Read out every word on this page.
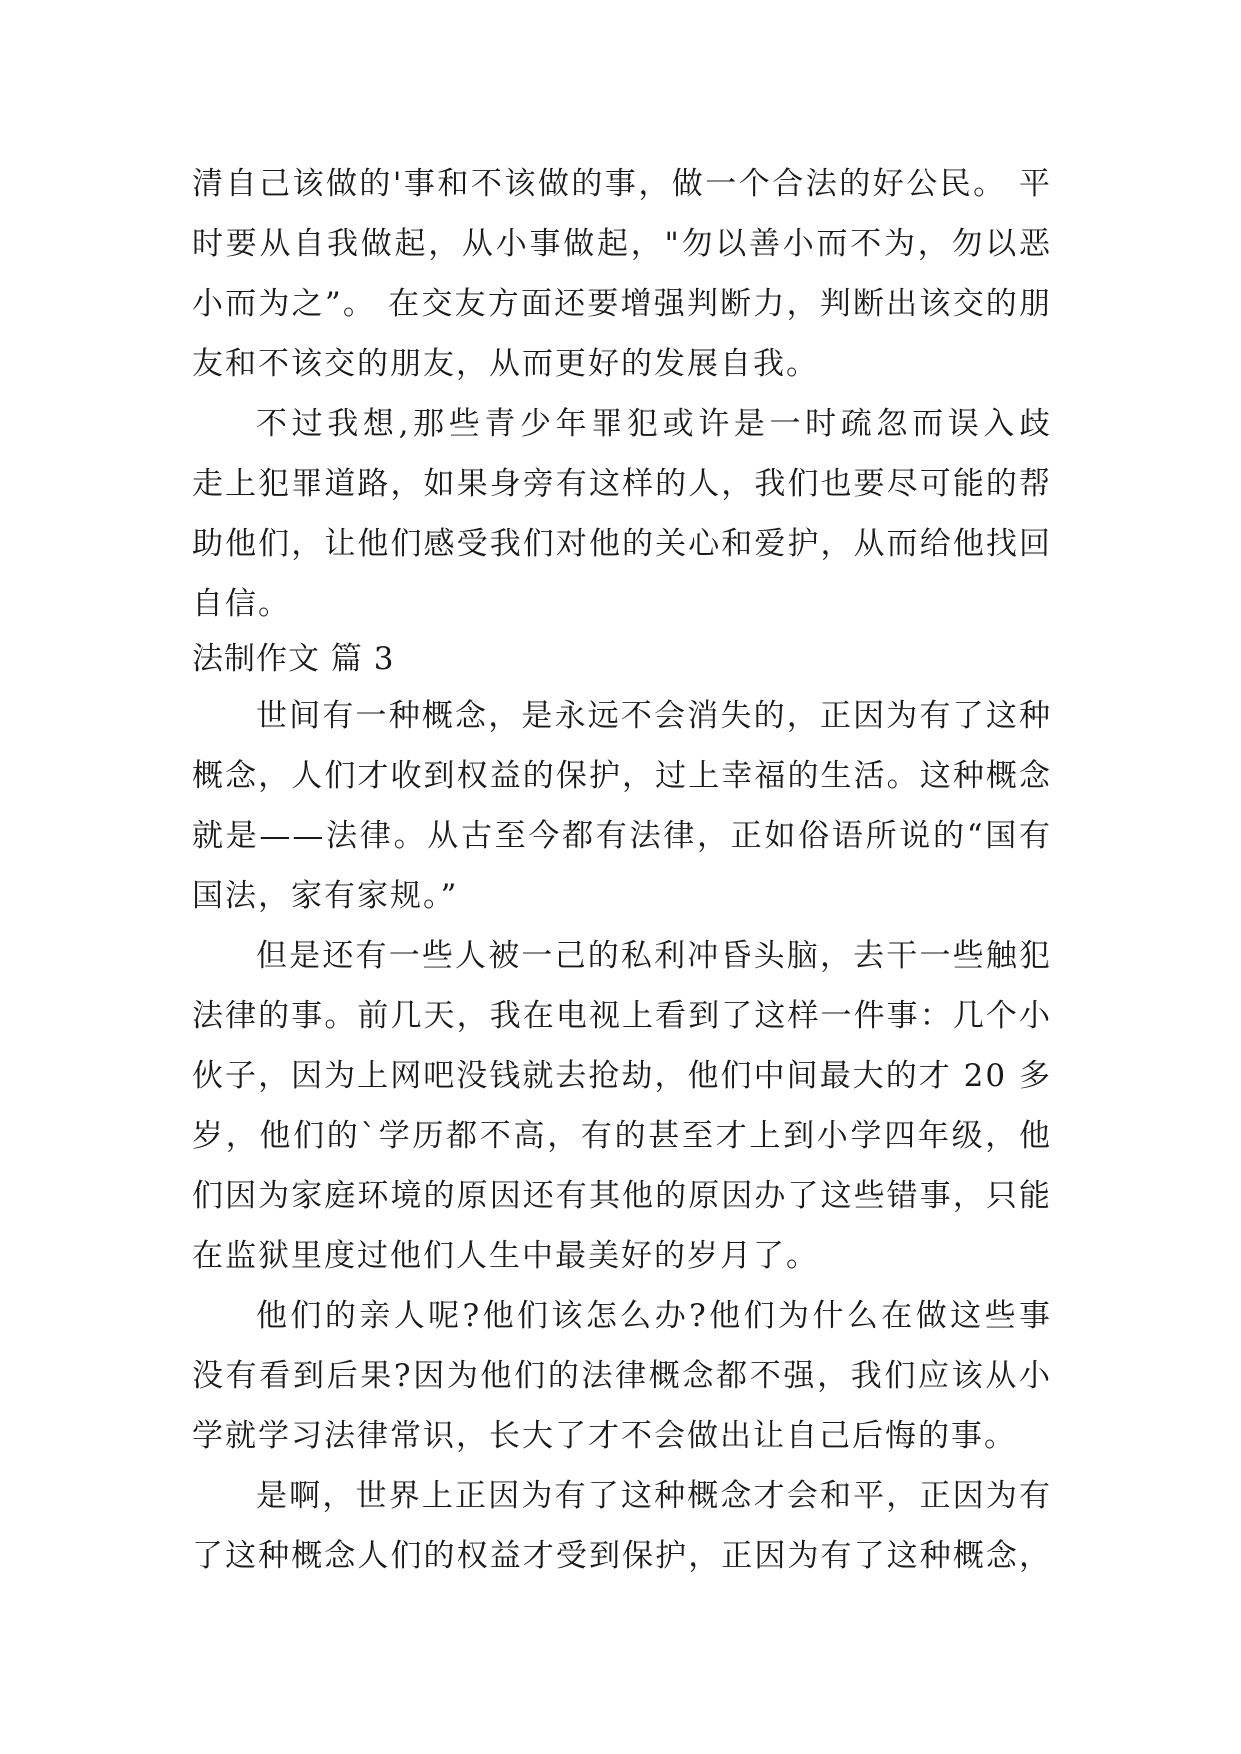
清自己该做的'事和不该做的事，做一个合法的好公民。 平
时要从自我做起，从小事做起，"勿以善小而不为，勿以恶
小而为之”。 在交友方面还要增强判断力，判断出该交的朋
友和不该交的朋友，从而更好的发展自我。
不过我想,那些青少年罪犯或许是一时疏忽而误入歧
走上犯罪道路，如果身旁有这样的人，我们也要尽可能的帮
助他们，让他们感受我们对他的关心和爱护，从而给他找回
自信。
法制作文 篇 3
世间有一种概念，是永远不会消失的，正因为有了这种
概念，人们才收到权益的保护，过上幸福的生活。这种概念
就是——法律。从古至今都有法律，正如俗语所说的“国有
国法，家有家规。”
但是还有一些人被一己的私利冲昏头脑，去干一些触犯
法律的事。前几天，我在电视上看到了这样一件事：几个小
伙子，因为上网吧没钱就去抢劫，他们中间最大的才 20 多
岁，他们的`学历都不高，有的甚至才上到小学四年级，他
们因为家庭环境的原因还有其他的原因办了这些错事，只能
在监狱里度过他们人生中最美好的岁月了。
他们的亲人呢?他们该怎么办?他们为什么在做这些事
没有看到后果?因为他们的法律概念都不强，我们应该从小
学就学习法律常识，长大了才不会做出让自己后悔的事。
是啊，世界上正因为有了这种概念才会和平，正因为有
了这种概念人们的权益才受到保护，正因为有了这种概念，
